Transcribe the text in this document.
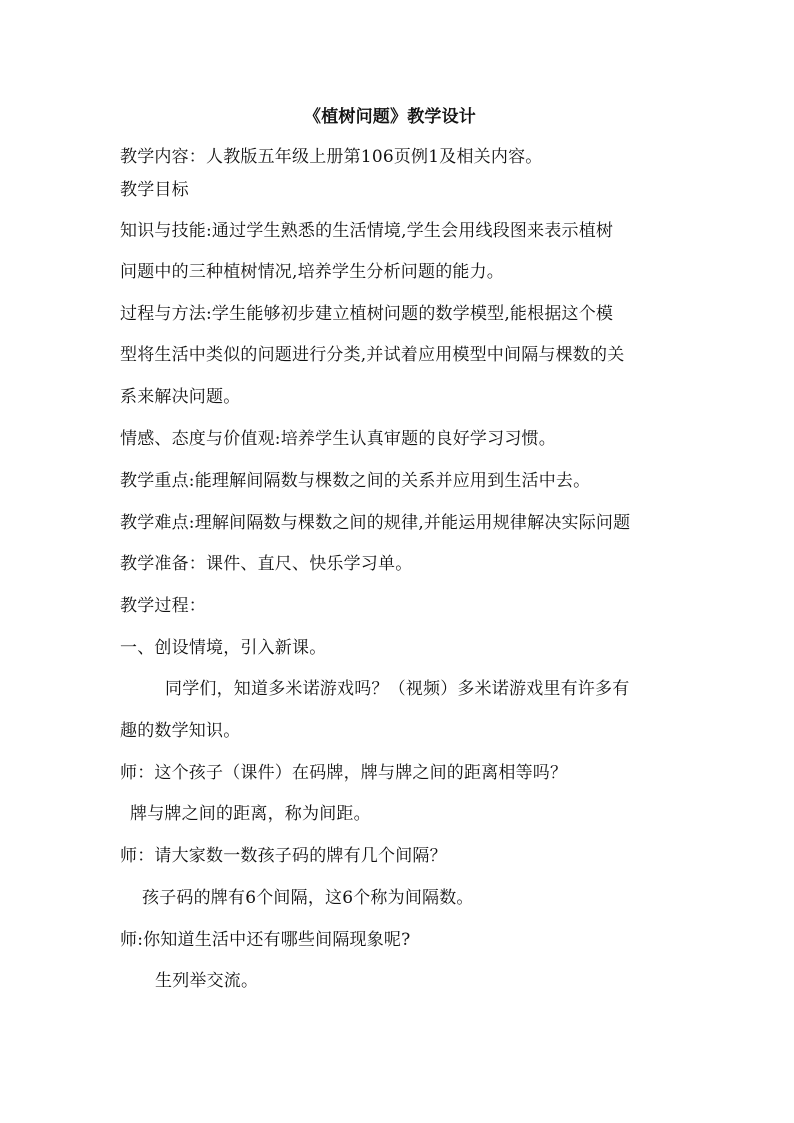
《植树问题》教学设计
教学内容：人教版五年级上册第106页例1及相关内容。
教学目标
知识与技能:通过学生熟悉的生活情境,学生会用线段图来表示植树
问题中的三种植树情况,培养学生分析问题的能力。
过程与方法:学生能够初步建立植树问题的数学模型,能根据这个模
型将生活中类似的问题进行分类,并试着应用模型中间隔与棵数的关
系来解决问题。
情感、态度与价值观:培养学生认真审题的良好学习习惯。
教学重点:能理解间隔数与棵数之间的关系并应用到生活中去。
教学难点:理解间隔数与棵数之间的规律,并能运用规律解决实际问题
教学准备：课件、直尺、快乐学习单。
教学过程：
一、创设情境，引入新课。
同学们，知道多米诺游戏吗？（视频）多米诺游戏里有许多有
趣的数学知识。
师：这个孩子（课件）在码牌，牌与牌之间的距离相等吗？
牌与牌之间的距离，称为间距。
师：请大家数一数孩子码的牌有几个间隔？
孩子码的牌有6个间隔，这6个称为间隔数。
师:你知道生活中还有哪些间隔现象呢?
生列举交流。
